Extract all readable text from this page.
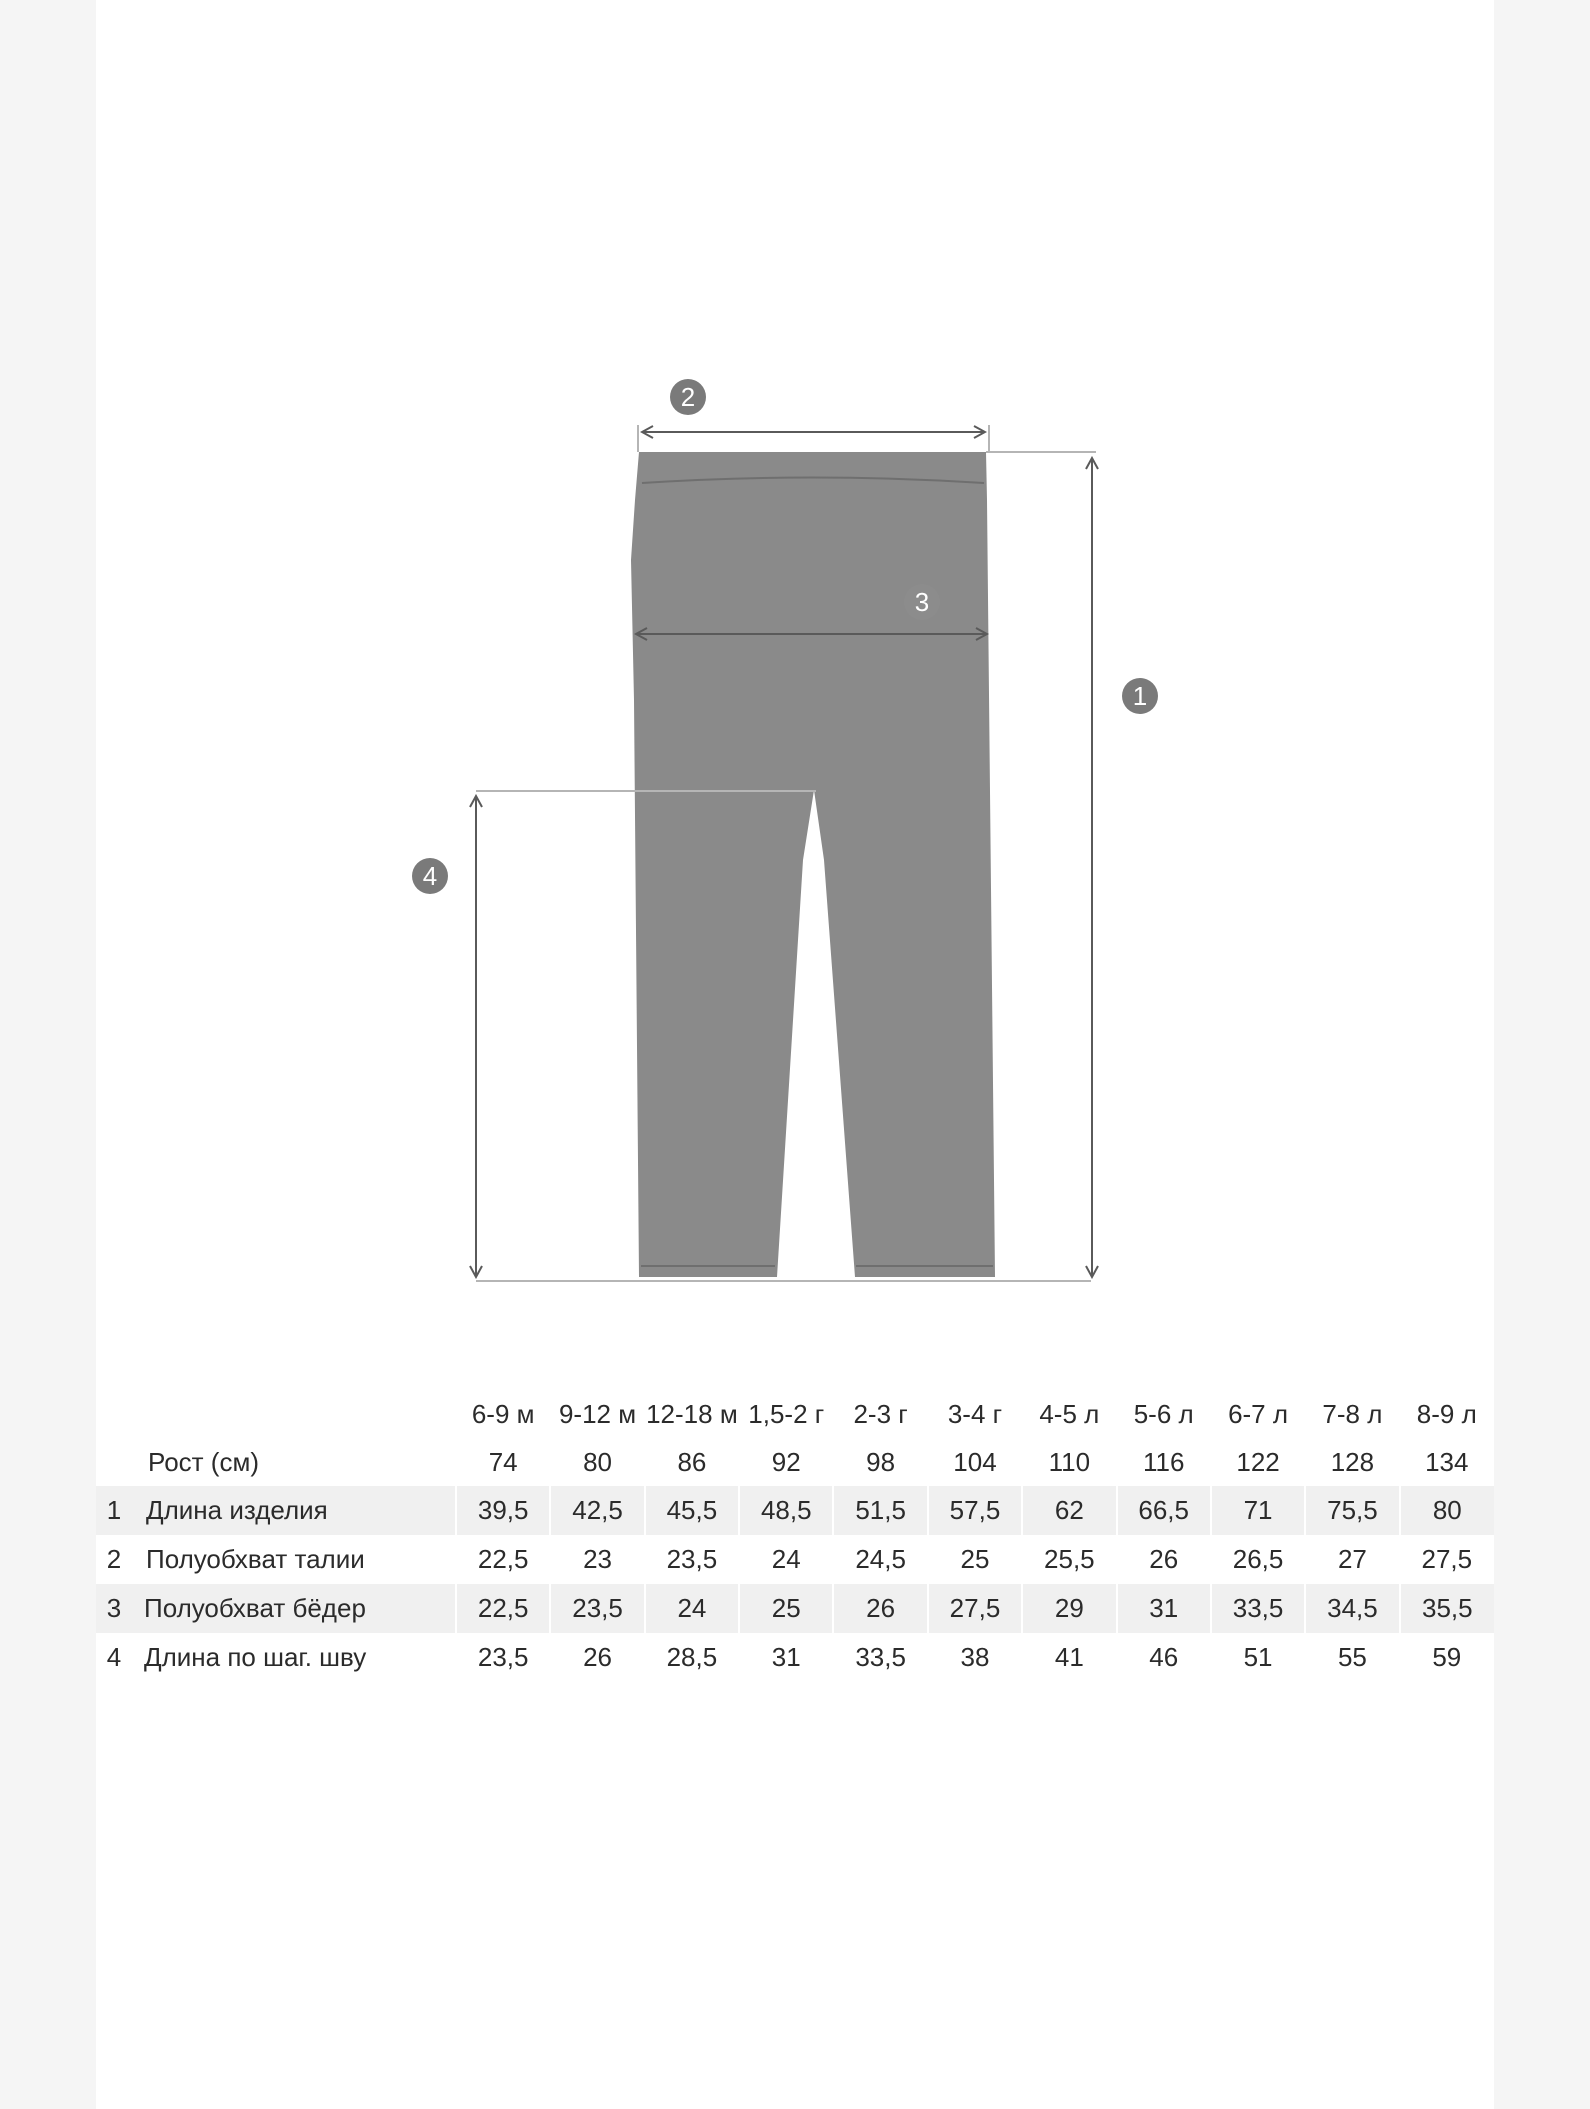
1
2
3
4
		6-9 м	9-12 м	12-18 м	1,5-2 г	2-3 г	3-4 г	4-5 л	5-6 л	6-7 л	7-8 л	8-9 л
	Рост (см)	74	80	86	92	98	104	110	116	122	128	134
1	Длина изделия	39,5	42,5	45,5	48,5	51,5	57,5	62	66,5	71	75,5	80
2	Полуобхват талии	22,5	23	23,5	24	24,5	25	25,5	26	26,5	27	27,5
3	Полуобхват бёдер	22,5	23,5	24	25	26	27,5	29	31	33,5	34,5	35,5
4	Длина по шаг. шву	23,5	26	28,5	31	33,5	38	41	46	51	55	59
